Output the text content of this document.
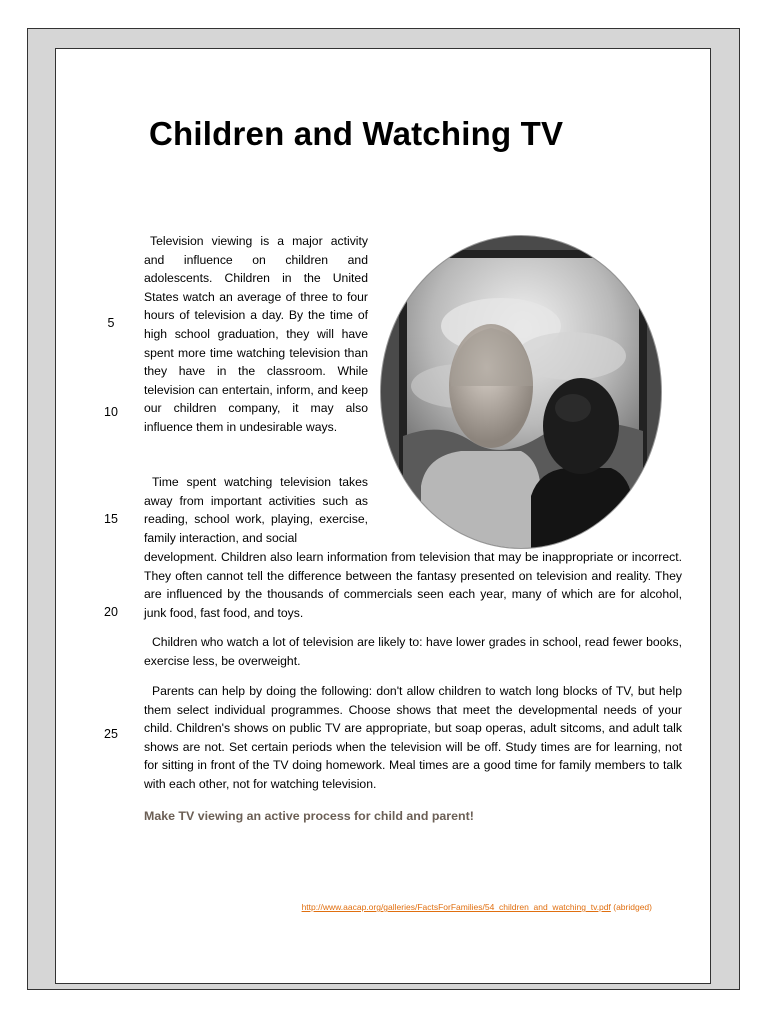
Children and Watching TV
5
10
15
20
25

Television viewing is a major activity and influence on children and adolescents. Children in the United States watch an average of three to four hours of television a day. By the time of high school graduation, they will have spent more time watching television than they have in the classroom. While television can entertain, inform, and keep our children company, it may also influence them in undesirable ways.

Time spent watching television takes away from important activities such as reading, school work, playing, exercise, family interaction, and social

development. Children also learn information from television that may be inappropriate or incorrect. They often cannot tell the difference between the fantasy presented on television and reality. They are influenced by the thousands of commercials seen each year, many of which are for alcohol, junk food, fast food, and toys.

Children who watch a lot of television are likely to: have lower grades in school, read fewer books, exercise less, be overweight.

Parents can help by doing the following: don't allow children to watch long blocks of TV, but help them select individual programmes. Choose shows that meet the developmental needs of your child. Children's shows on public TV are appropriate, but soap operas, adult sitcoms, and adult talk shows are not. Set certain periods when the television will be off. Study times are for learning, not for sitting in front of the TV doing homework. Meal times are a good time for family members to talk with each other, not for watching television.

Make TV viewing an active process for child and parent!

http://www.aacap.org/galleries/FactsForFamilies/54_children_and_watching_tv.pdf (abridged)
